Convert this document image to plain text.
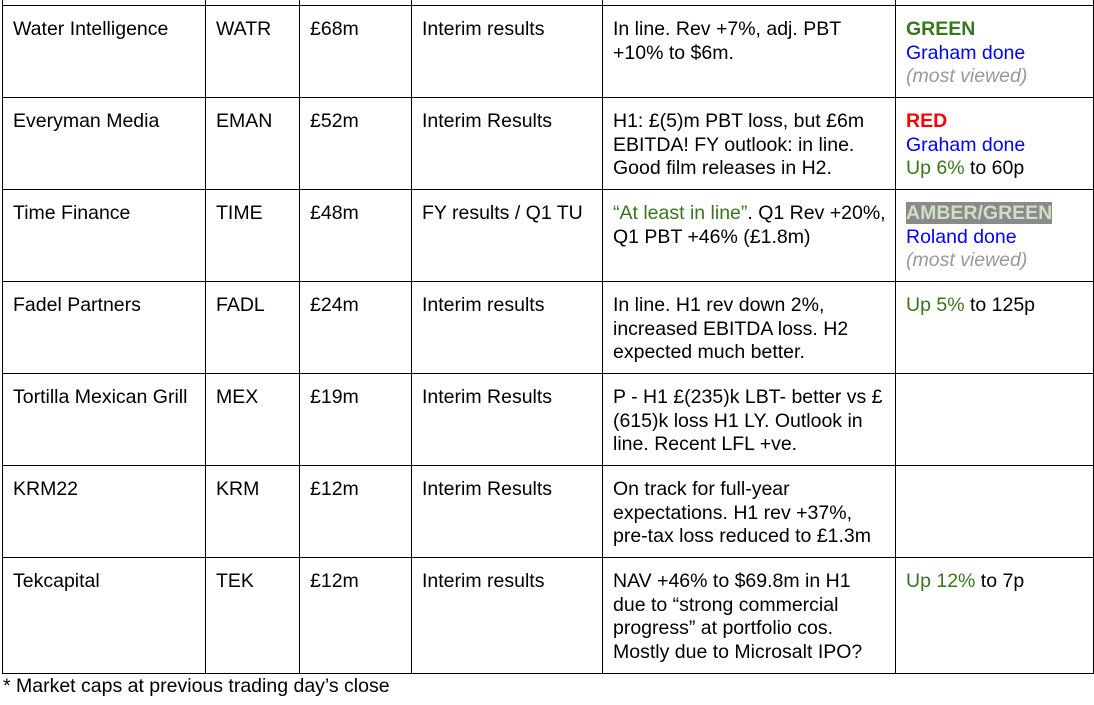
Water Intelligence	WATR	£68m	Interim results	In line. Rev +7%, adj. PBT +10% to $6m.	GREEN
Graham done
(most viewed)

Everyman Media	EMAN	£52m	Interim Results	H1: £(5)m PBT loss, but £6m EBITDA! FY outlook: in line. Good film releases in H2.	RED
Graham done
Up 6% to 60p

Time Finance	TIME	£48m	FY results / Q1 TU	“At least in line”. Q1 Rev +20%, Q1 PBT +46% (£1.8m)	AMBER/GREEN
Roland done
(most viewed)

Fadel Partners	FADL	£24m	Interim results	In line. H1 rev down 2%, increased EBITDA loss. H2 expected much better.	Up 5% to 125p

Tortilla Mexican Grill	MEX	£19m	Interim Results	P - H1 £(235)k LBT- better vs £(615)k loss H1 LY. Outlook in line. Recent LFL +ve.	
KRM22	KRM	£12m	Interim Results	On track for full-year expectations. H1 rev +37%, pre-tax loss reduced to £1.3m	
Tekcapital	TEK	£12m	Interim results	NAV +46% to $69.8m in H1 due to “strong commercial progress” at portfolio cos. Mostly due to Microsalt IPO?	Up 12% to 7p
* Market caps at previous trading day’s close
